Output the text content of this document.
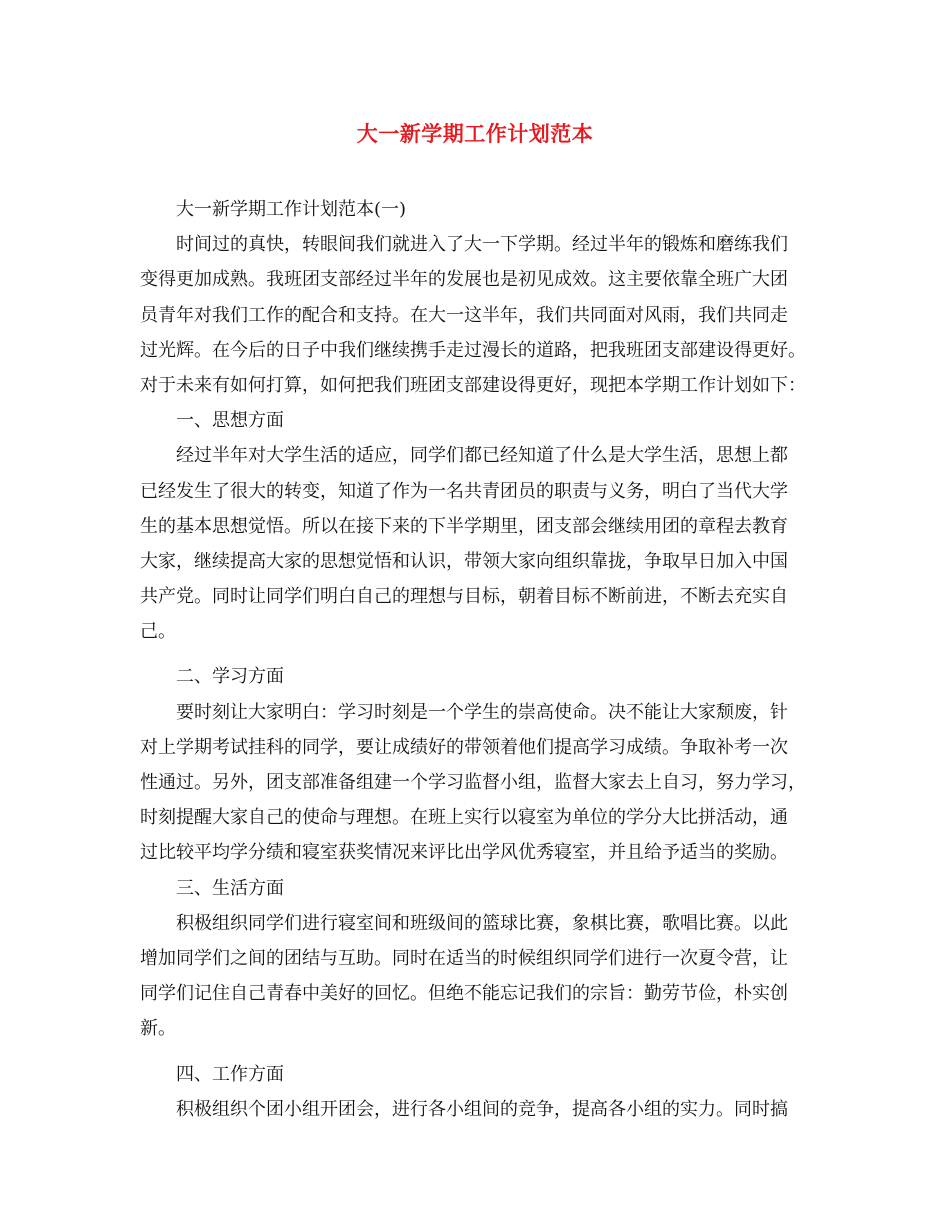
大一新学期工作计划范本
大一新学期工作计划范本(一)
时间过的真快，转眼间我们就进入了大一下学期。经过半年的锻炼和磨练我们
变得更加成熟。我班团支部经过半年的发展也是初见成效。这主要依靠全班广大团
员青年对我们工作的配合和支持。在大一这半年，我们共同面对风雨，我们共同走
过光辉。在今后的日子中我们继续携手走过漫长的道路，把我班团支部建设得更好。
对于未来有如何打算，如何把我们班团支部建设得更好，现把本学期工作计划如下：
一、思想方面
经过半年对大学生活的适应，同学们都已经知道了什么是大学生活，思想上都
已经发生了很大的转变，知道了作为一名共青团员的职责与义务，明白了当代大学
生的基本思想觉悟。所以在接下来的下半学期里，团支部会继续用团的章程去教育
大家，继续提高大家的思想觉悟和认识，带领大家向组织靠拢，争取早日加入中国
共产党。同时让同学们明白自己的理想与目标，朝着目标不断前进，不断去充实自
己。
二、学习方面
要时刻让大家明白：学习时刻是一个学生的崇高使命。决不能让大家颓废，针
对上学期考试挂科的同学，要让成绩好的带领着他们提高学习成绩。争取补考一次
性通过。另外，团支部准备组建一个学习监督小组，监督大家去上自习，努力学习，
时刻提醒大家自己的使命与理想。在班上实行以寝室为单位的学分大比拼活动，通
过比较平均学分绩和寝室获奖情况来评比出学风优秀寝室，并且给予适当的奖励。
三、生活方面
积极组织同学们进行寝室间和班级间的篮球比赛，象棋比赛，歌唱比赛。以此
增加同学们之间的团结与互助。同时在适当的时候组织同学们进行一次夏令营，让
同学们记住自己青春中美好的回忆。但绝不能忘记我们的宗旨：勤劳节俭，朴实创
新。
四、工作方面
积极组织个团小组开团会，进行各小组间的竞争，提高各小组的实力。同时搞
